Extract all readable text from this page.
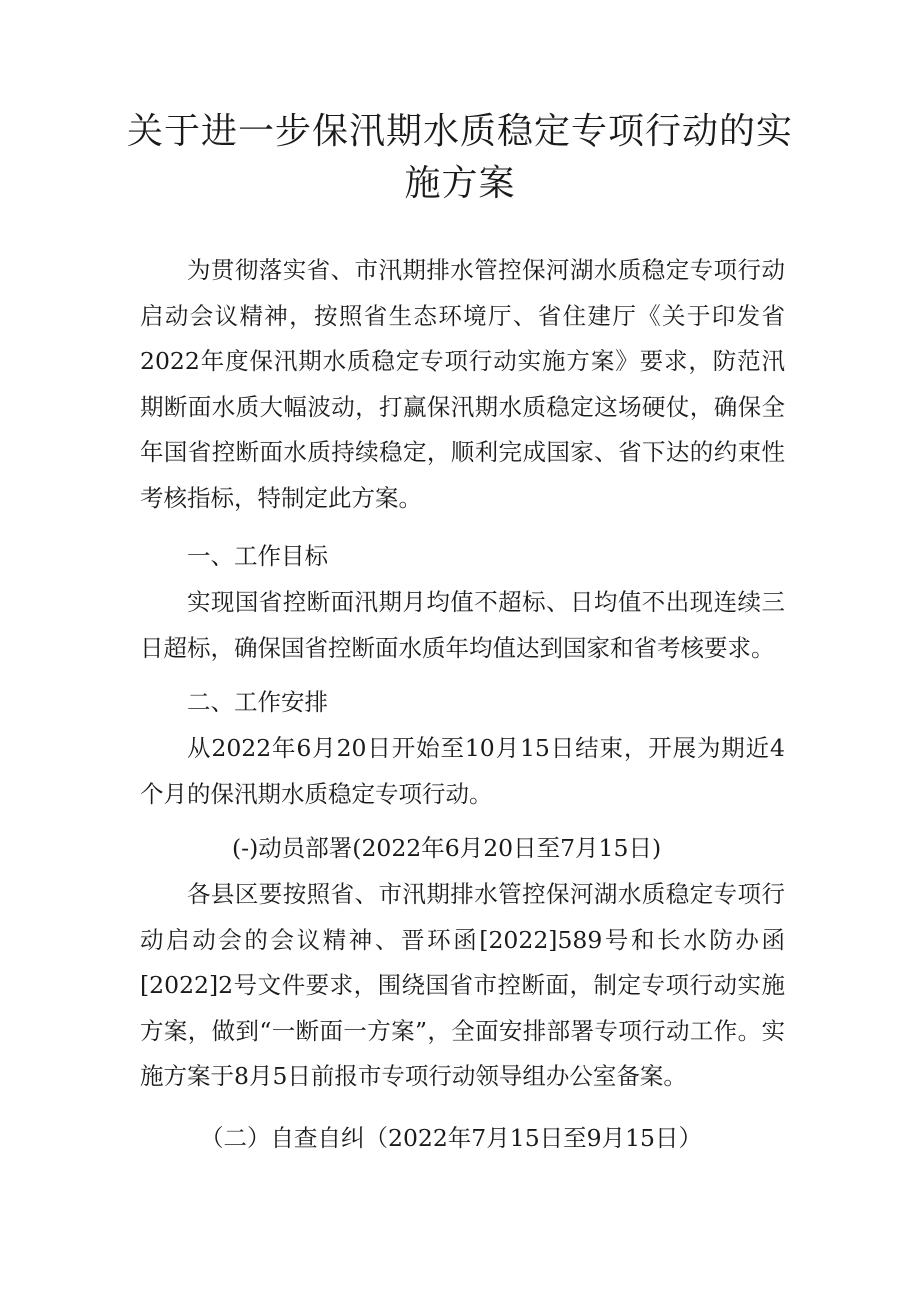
关于进一步保汛期水质稳定专项行动的实施方案

为贯彻落实省、市汛期排水管控保河湖水质稳定专项行动启动会议精神，按照省生态环境厅、省住建厅《关于印发省2022年度保汛期水质稳定专项行动实施方案》要求，防范汛期断面水质大幅波动，打赢保汛期水质稳定这场硬仗，确保全年国省控断面水质持续稳定，顺利完成国家、省下达的约束性考核指标，特制定此方案。

一、工作目标

实现国省控断面汛期月均值不超标、日均值不出现连续三日超标，确保国省控断面水质年均值达到国家和省考核要求。

二、工作安排

从2022年6月20日开始至10月15日结束，开展为期近4个月的保汛期水质稳定专项行动。

(-)动员部署(2022年6月20日至7月15日)

各县区要按照省、市汛期排水管控保河湖水质稳定专项行动启动会的会议精神、晋环函[2022]589号和长水防办函[2022]2号文件要求，围绕国省市控断面，制定专项行动实施方案，做到“一断面一方案”，全面安排部署专项行动工作。实施方案于8月5日前报市专项行动领导组办公室备案。

（二）自查自纠（2022年7月15日至9月15日）
